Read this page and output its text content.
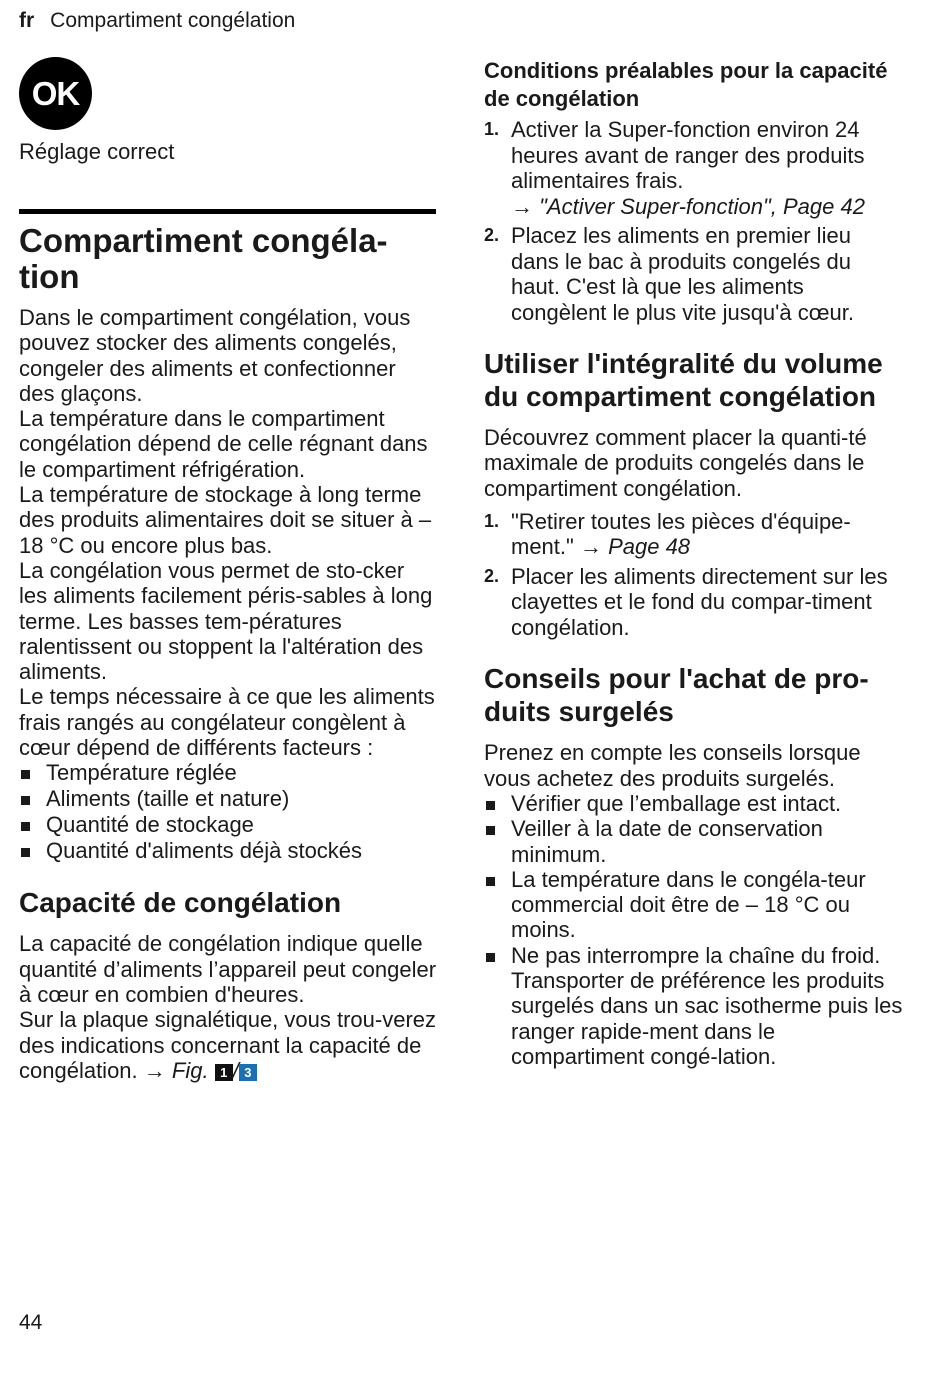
fr Compartiment congélation
OK
Réglage correct
Compartiment congéla-
tion

Dans le compartiment congélation, vous pouvez stocker des aliments congelés, congeler des aliments et confectionner des glaçons.

La température dans le compartiment congélation dépend de celle régnant dans le compartiment réfrigération.

La température de stockage à long terme des produits alimentaires doit se situer à –18 °C ou encore plus bas.

La congélation vous permet de sto-cker les aliments facilement péris-sables à long terme. Les basses tem-pératures ralentissent ou stoppent la l'altération des aliments.

Le temps nécessaire à ce que les aliments frais rangés au congélateur congèlent à cœur dépend de différents facteurs :

Température réglée
Aliments (taille et nature)
Quantité de stockage
Quantité d'aliments déjà stockés
Capacité de congélation

La capacité de congélation indique quelle quantité d’aliments l’appareil peut congeler à cœur en combien d'heures.

Sur la plaque signalétique, vous trou-verez des indications concernant la capacité de congélation. → Fig. 1 / 3

Conditions préalables pour la capacité de congélation
1. Activer la Super-fonction environ 24 heures avant de ranger des produits alimentaires frais.
→ "Activer Super-fonction", Page 42
2. Placez les aliments en premier lieu dans le bac à produits congelés du haut. C'est là que les aliments congèlent le plus vite jusqu'à cœur.
Utiliser l'intégralité du volume du compartiment congélation

Découvrez comment placer la quanti-té maximale de produits congelés dans le compartiment congélation.

1. "Retirer toutes les pièces d'équipe-ment." → Page 48
2. Placer les aliments directement sur les clayettes et le fond du compar-timent congélation.
Conseils pour l'achat de pro-duits surgelés

Prenez en compte les conseils lorsque vous achetez des produits surgelés.

Vérifier que l’emballage est intact.
Veiller à la date de conservation minimum.
La température dans le congéla-teur commercial doit être de – 18 °C ou moins.
Ne pas interrompre la chaîne du froid. Transporter de préférence les produits surgelés dans un sac isotherme puis les ranger rapide-ment dans le compartiment congé-lation.
44
